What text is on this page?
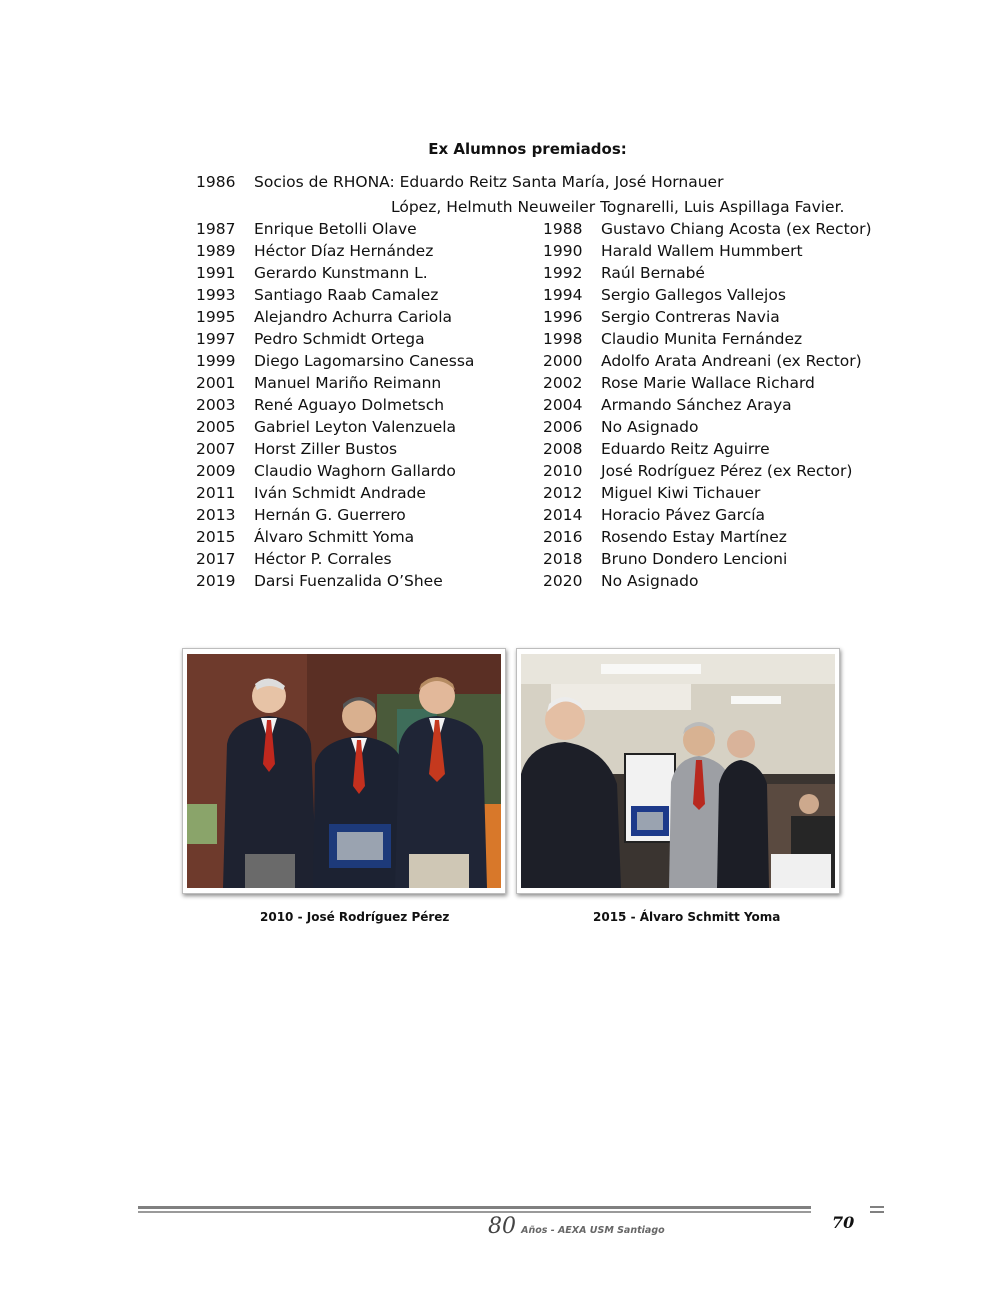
Ex Alumnos premiados:
1986 Socios de RHONA: Eduardo Reitz Santa María, José Hornauer
López, Helmuth Neuweiler Tognarelli, Luis Aspillaga Favier.
1987 Enrique Betolli Olave
1989 Héctor Díaz Hernández
1991 Gerardo Kunstmann L.
1993 Santiago Raab Camalez
1995 Alejandro Achurra Cariola
1997 Pedro Schmidt Ortega
1999 Diego Lagomarsino Canessa
2001 Manuel Mariño Reimann
2003 René Aguayo Dolmetsch
2005 Gabriel Leyton Valenzuela
2007 Horst Ziller Bustos
2009 Claudio Waghorn Gallardo
2011 Iván Schmidt Andrade
2013 Hernán G. Guerrero
2015 Álvaro Schmitt Yoma
2017 Héctor P. Corrales
2019 Darsi Fuenzalida O’Shee
1988 Gustavo Chiang Acosta (ex Rector)
1990 Harald Wallem Hummbert
1992 Raúl Bernabé
1994 Sergio Gallegos Vallejos
1996 Sergio Contreras Navia
1998 Claudio Munita Fernández
2000 Adolfo Arata Andreani (ex Rector)
2002 Rose Marie Wallace Richard
2004 Armando Sánchez Araya
2006 No Asignado
2008 Eduardo Reitz Aguirre
2010 José Rodríguez Pérez (ex Rector)
2012 Miguel Kiwi Tichauer
2014 Horacio Pávez García
2016 Rosendo Estay Martínez
2018 Bruno Dondero Lencioni
2020 No Asignado
2010 - José Rodríguez Pérez	2015 - Álvaro Schmitt Yoma
80 Años - AEXA USM Santiago	70
